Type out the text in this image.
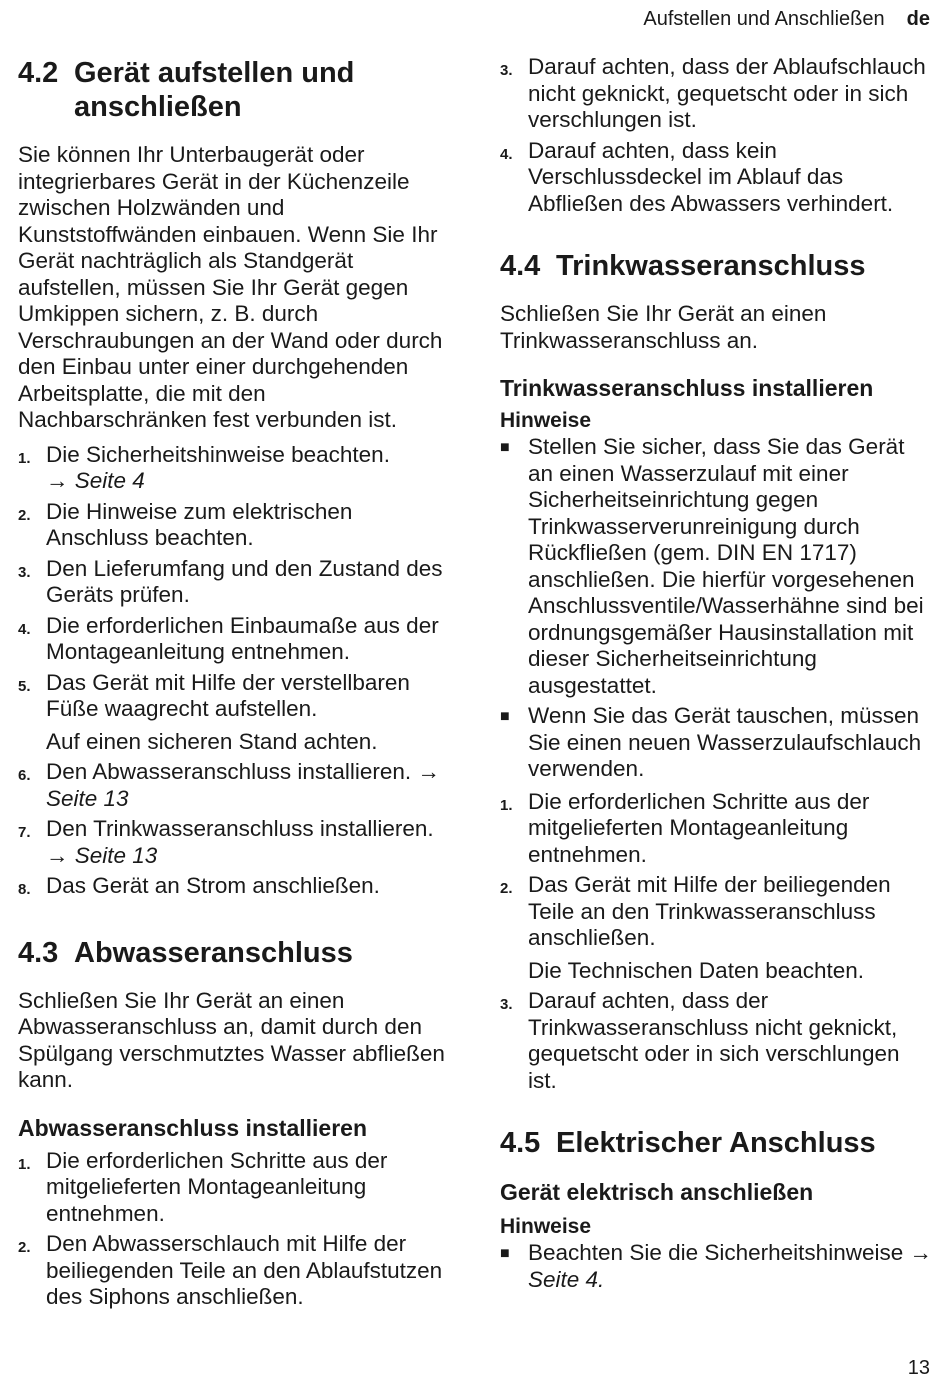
Aufstellen und Anschließen de
4.2 Gerät aufstellen und anschließen

Sie können Ihr Unterbaugerät oder integrierbares Gerät in der Küchenzeile zwischen Holzwänden und Kunststoffwänden einbauen. Wenn Sie Ihr Gerät nachträglich als Standgerät aufstellen, müssen Sie Ihr Gerät gegen Umkippen sichern, z. B. durch Verschraubungen an der Wand oder durch den Einbau unter einer durchgehenden Arbeitsplatte, die mit den Nachbarschränken fest verbunden ist.

1. Die Sicherheitshinweise beachten.
→ Seite 4
2. Die Hinweise zum elektrischen Anschluss beachten.
3. Den Lieferumfang und den Zustand des Geräts prüfen.
4. Die erforderlichen Einbaumaße aus der Montageanleitung entnehmen.
5. Das Gerät mit Hilfe der verstellbaren Füße waagrecht aufstellen.

Auf einen sicheren Stand achten.

6. Den Abwasseranschluss installieren. → Seite 13
7. Den Trinkwasseranschluss installieren. → Seite 13
8. Das Gerät an Strom anschließen.
4.3 Abwasseranschluss

Schließen Sie Ihr Gerät an einen Abwasseranschluss an, damit durch den Spülgang verschmutztes Wasser abfließen kann.

Abwasseranschluss installieren
1. Die erforderlichen Schritte aus der mitgelieferten Montageanleitung entnehmen.
2. Den Abwasserschlauch mit Hilfe der beiliegenden Teile an den Ablaufstutzen des Siphons anschließen.
3. Darauf achten, dass der Ablaufschlauch nicht geknickt, gequetscht oder in sich verschlungen ist.
4. Darauf achten, dass kein Verschlussdeckel im Ablauf das Abfließen des Abwassers verhindert.
4.4 Trinkwasseranschluss

Schließen Sie Ihr Gerät an einen Trinkwasseranschluss an.

Trinkwasseranschluss installieren
Hinweise
■ Stellen Sie sicher, dass Sie das Gerät an einen Wasserzulauf mit einer Sicherheitseinrichtung gegen Trinkwasserverunreinigung durch Rückfließen (gem. DIN EN 1717) anschließen. Die hierfür vorgesehenen Anschlussventile/Wasserhähne sind bei ordnungsgemäßer Hausinstallation mit dieser Sicherheitseinrichtung ausgestattet.
■ Wenn Sie das Gerät tauschen, müssen Sie einen neuen Wasserzulaufschlauch verwenden.
1. Die erforderlichen Schritte aus der mitgelieferten Montageanleitung entnehmen.
2. Das Gerät mit Hilfe der beiliegenden Teile an den Trinkwasseranschluss anschließen.

Die Technischen Daten beachten.

3. Darauf achten, dass der Trinkwasseranschluss nicht geknickt, gequetscht oder in sich verschlungen ist.
4.5 Elektrischer Anschluss
Gerät elektrisch anschließen
Hinweise
■ Beachten Sie die Sicherheitshinweise → Seite 4.
13
